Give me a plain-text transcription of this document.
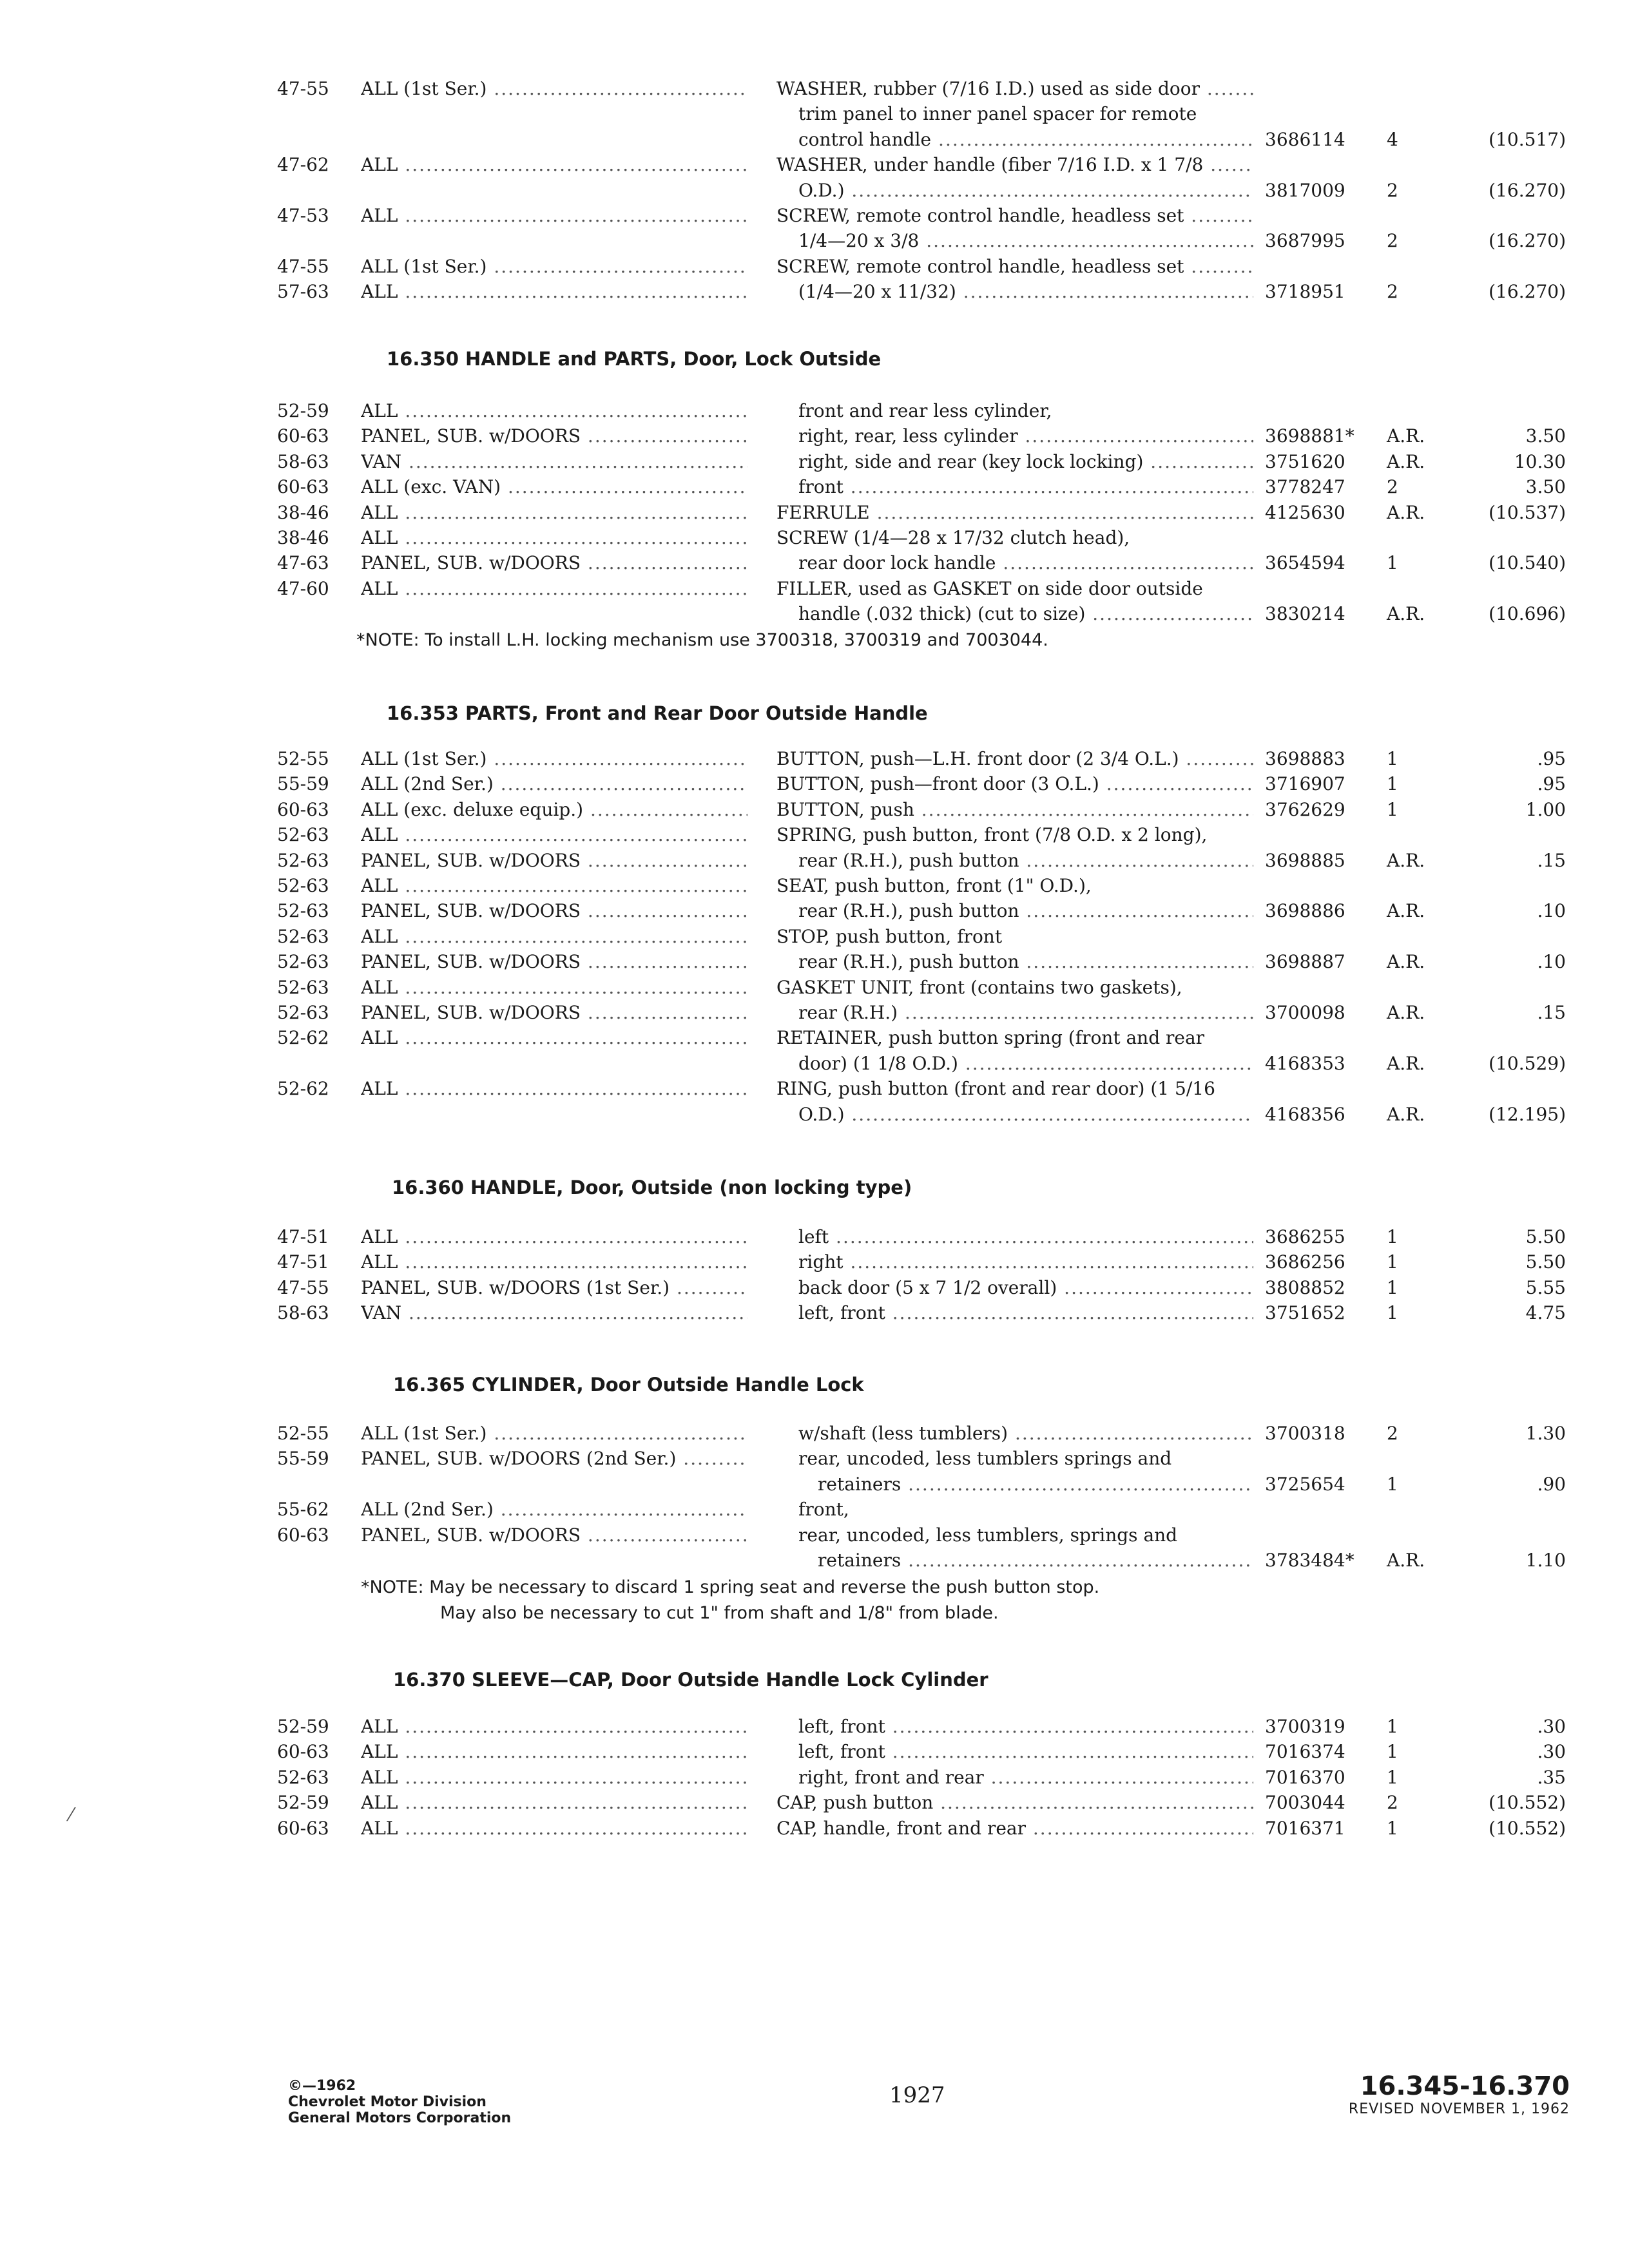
47-55	ALL (1st Ser.) .....	WASHER, rubber (7/16 I.D.) used as side door .....
trim panel to inner panel spacer for remote
control handle .....	3686114	4	(10.517)
47-62	ALL .....	WASHER, under handle (fiber 7/16 I.D. x 1 7/8 .....
O.D.) .....	3817009	2	(16.270)
47-53	ALL .....	SCREW, remote control handle, headless set .....
1/4—20 x 3/8 .....	3687995	2	(16.270)
47-55	ALL (1st Ser.) .....	SCREW, remote control handle, headless set .....
57-63	ALL .....	(1/4—20 x 11/32) .....	3718951	2	(16.270)
16.350 HANDLE and PARTS, Door, Lock Outside
52-59	ALL .....	front and rear less cylinder,
60-63	PANEL, SUB. w/DOORS .....	right, rear, less cylinder .....	3698881*	A.R.	3.50
58-63	VAN .....	right, side and rear (key lock locking) .....	3751620	A.R.	10.30
60-63	ALL (exc. VAN) .....	front .....	3778247	2	3.50
38-46	ALL .....	FERRULE .....	4125630	A.R.	(10.537)
38-46	ALL .....	SCREW (1/4—28 x 17/32 clutch head),
47-63	PANEL, SUB. w/DOORS .....	rear door lock handle .....	3654594	1	(10.540)
47-60	ALL .....	FILLER, used as GASKET on side door outside
handle (.032 thick) (cut to size) .....	3830214	A.R.	(10.696)
*NOTE: To install L.H. locking mechanism use 3700318, 3700319 and 7003044.
16.353 PARTS, Front and Rear Door Outside Handle
52-55	ALL (1st Ser.) .....	BUTTON, push—L.H. front door (2 3/4 O.L.) .....	3698883	1	.95
55-59	ALL (2nd Ser.) .....	BUTTON, push—front door (3 O.L.) .....	3716907	1	.95
60-63	ALL (exc. deluxe equip.) .....	BUTTON, push .....	3762629	1	1.00
52-63	ALL .....	SPRING, push button, front (7/8 O.D. x 2 long),
52-63	PANEL, SUB. w/DOORS .....	rear (R.H.), push button .....	3698885	A.R.	.15
52-63	ALL .....	SEAT, push button, front (1" O.D.),
52-63	PANEL, SUB. w/DOORS .....	rear (R.H.), push button .....	3698886	A.R.	.10
52-63	ALL .....	STOP, push button, front
52-63	PANEL, SUB. w/DOORS .....	rear (R.H.), push button .....	3698887	A.R.	.10
52-63	ALL .....	GASKET UNIT, front (contains two gaskets),
52-63	PANEL, SUB. w/DOORS .....	rear (R.H.) .....	3700098	A.R.	.15
52-62	ALL .....	RETAINER, push button spring (front and rear
door) (1 1/8 O.D.) .....	4168353	A.R.	(10.529)
52-62	ALL .....	RING, push button (front and rear door) (1 5/16
O.D.) .....	4168356	A.R.	(12.195)
16.360 HANDLE, Door, Outside (non locking type)
47-51	ALL .....	left .....	3686255	1	5.50
47-51	ALL .....	right .....	3686256	1	5.50
47-55	PANEL, SUB. w/DOORS (1st Ser.) .....	back door (5 x 7 1/2 overall) .....	3808852	1	5.55
58-63	VAN .....	left, front .....	3751652	1	4.75
16.365 CYLINDER, Door Outside Handle Lock
52-55	ALL (1st Ser.) .....	w/shaft (less tumblers) .....	3700318	2	1.30
55-59	PANEL, SUB. w/DOORS (2nd Ser.) .....	rear, uncoded, less tumblers springs and
retainers .....	3725654	1	.90
55-62	ALL (2nd Ser.) .....	front,
60-63	PANEL, SUB. w/DOORS .....	rear, uncoded, less tumblers, springs and
retainers .....	3783484*	A.R.	1.10
*NOTE: May be necessary to discard 1 spring seat and reverse the push button stop.
May also be necessary to cut 1" from shaft and 1/8" from blade.
16.370 SLEEVE—CAP, Door Outside Handle Lock Cylinder
52-59	ALL .....	left, front .....	3700319	1	.30
60-63	ALL .....	left, front .....	7016374	1	.30
52-63	ALL .....	right, front and rear .....	7016370	1	.35
52-59	ALL .....	CAP, push button .....	7003044	2	(10.552)
60-63	ALL .....	CAP, handle, front and rear .....	7016371	1	(10.552)
⁄
©—1962
Chevrolet Motor Division
General Motors Corporation
1927	16.345-16.370
REVISED NOVEMBER 1, 1962
